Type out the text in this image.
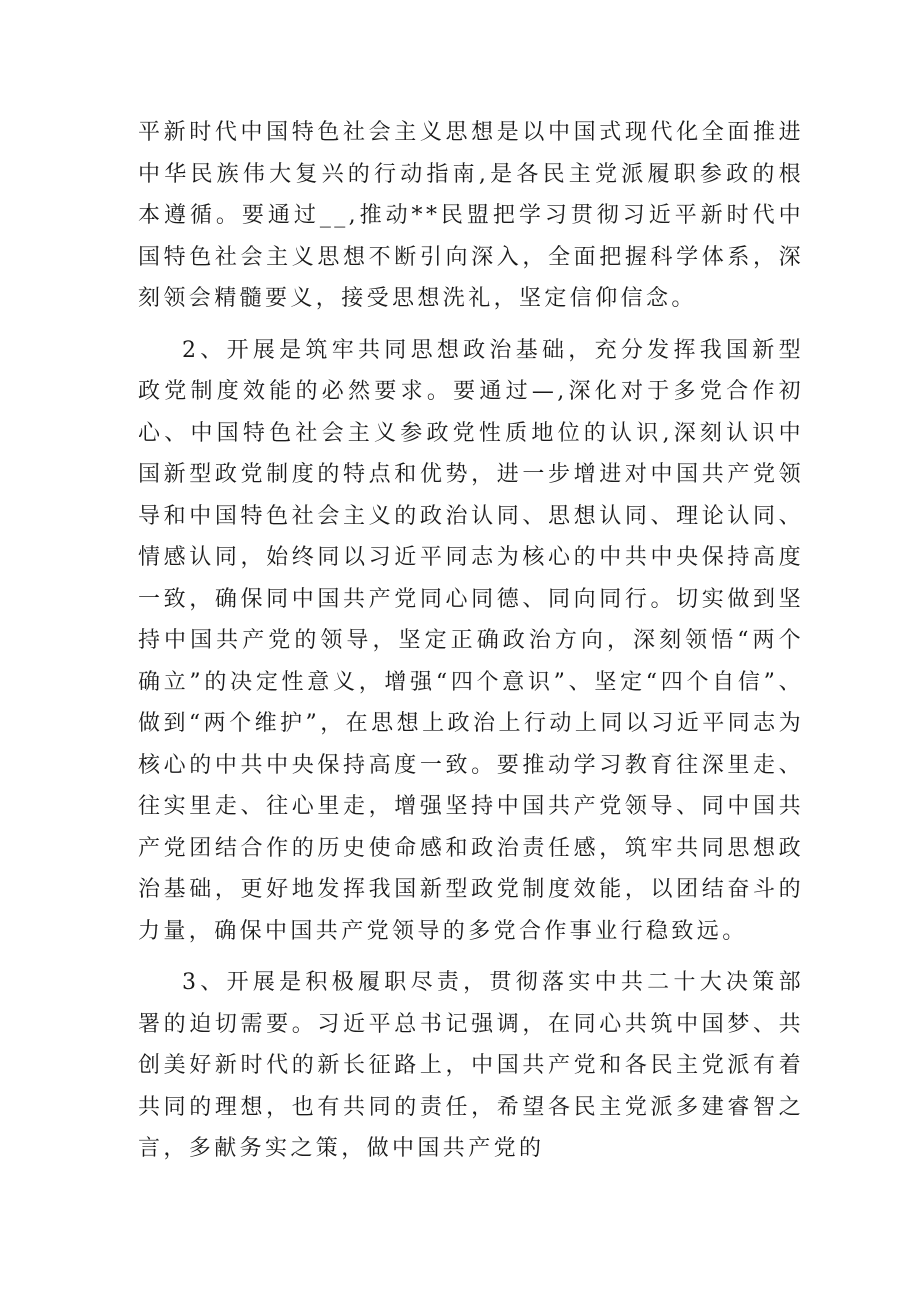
平新时代中国特色社会主义思想是以中国式现代化全面推进中华民族伟大复兴的行动指南,是各民主党派履职参政的根本遵循。要通过__,推动**民盟把学习贯彻习近平新时代中国特色社会主义思想不断引向深入，全面把握科学体系，深刻领会精髓要义，接受思想洗礼，坚定信仰信念。

2、开展是筑牢共同思想政治基础，充分发挥我国新型政党制度效能的必然要求。要通过—,深化对于多党合作初心、中国特色社会主义参政党性质地位的认识,深刻认识中国新型政党制度的特点和优势，进一步增进对中国共产党领导和中国特色社会主义的政治认同、思想认同、理论认同、情感认同，始终同以习近平同志为核心的中共中央保持高度一致，确保同中国共产党同心同德、同向同行。切实做到坚持中国共产党的领导，坚定正确政治方向，深刻领悟“两个确立”的决定性意义，增强“四个意识”、坚定“四个自信”、做到“两个维护”，在思想上政治上行动上同以习近平同志为核心的中共中央保持高度一致。要推动学习教育往深里走、往实里走、往心里走，增强坚持中国共产党领导、同中国共产党团结合作的历史使命感和政治责任感，筑牢共同思想政治基础，更好地发挥我国新型政党制度效能，以团结奋斗的力量，确保中国共产党领导的多党合作事业行稳致远。

3、开展是积极履职尽责，贯彻落实中共二十大决策部署的迫切需要。习近平总书记强调，在同心共筑中国梦、共创美好新时代的新长征路上，中国共产党和各民主党派有着共同的理想，也有共同的责任，希望各民主党派多建睿智之言，多献务实之策，做中国共产党的
